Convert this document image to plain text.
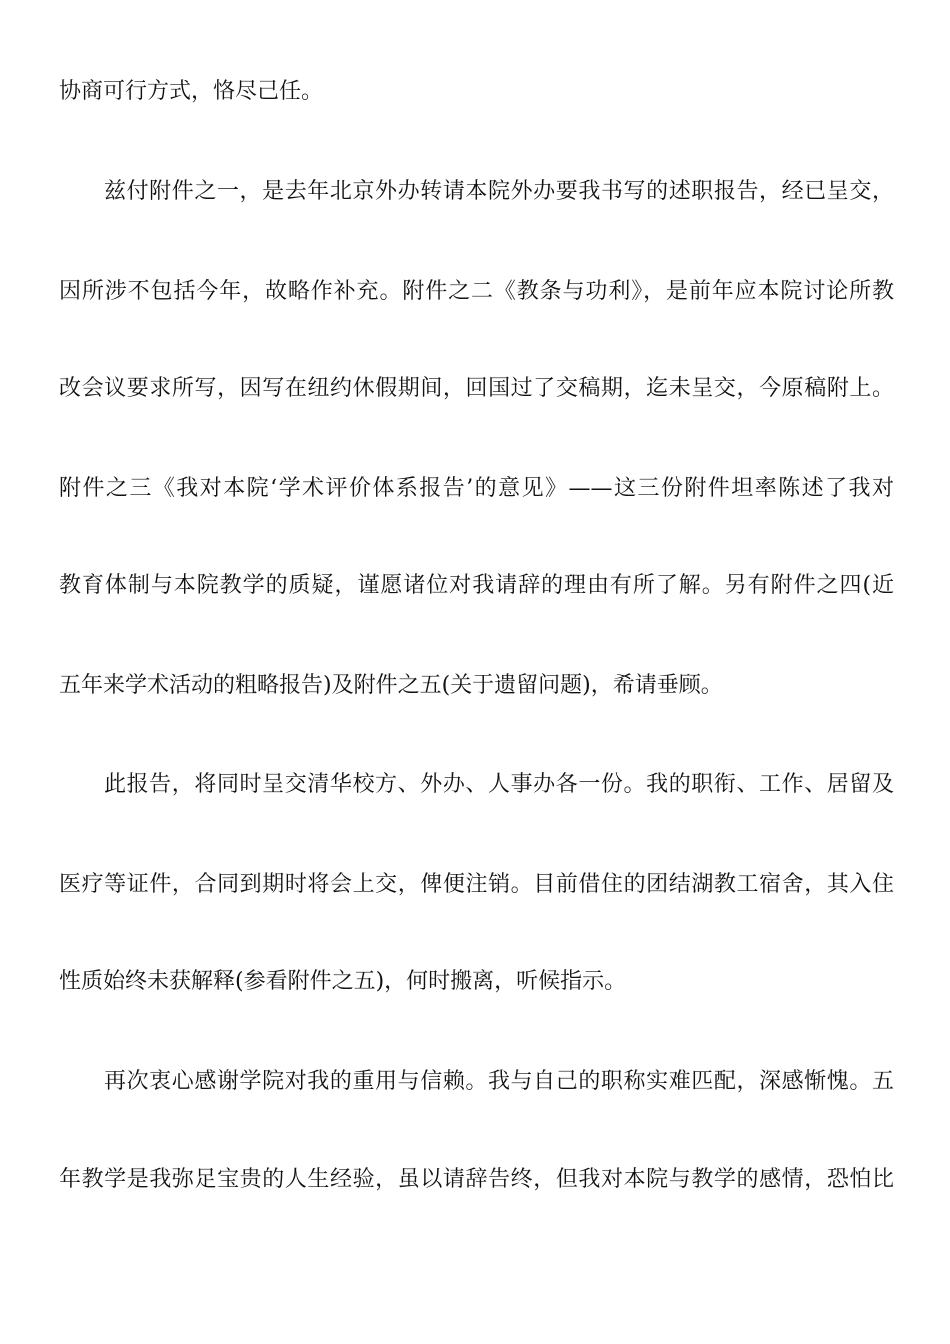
协商可行方式，恪尽己任。

兹付附件之一，是去年北京外办转请本院外办要我书写的述职报告，经已呈交，

因所涉不包括今年，故略作补充。附件之二《教条与功利》，是前年应本院讨论所教

改会议要求所写，因写在纽约休假期间，回国过了交稿期，迄未呈交，今原稿附上。

附件之三《我对本院‘学术评价体系报告’的意见》——这三份附件坦率陈述了我对

教育体制与本院教学的质疑，谨愿诸位对我请辞的理由有所了解。另有附件之四(近

五年来学术活动的粗略报告)及附件之五(关于遗留问题)，希请垂顾。

此报告，将同时呈交清华校方、外办、人事办各一份。我的职衔、工作、居留及

医疗等证件，合同到期时将会上交，俾便注销。目前借住的团结湖教工宿舍，其入住

性质始终未获解释(参看附件之五)，何时搬离，听候指示。

再次衷心感谢学院对我的重用与信赖。我与自己的职称实难匹配，深感惭愧。五

年教学是我弥足宝贵的人生经验，虽以请辞告终，但我对本院与教学的感情，恐怕比
